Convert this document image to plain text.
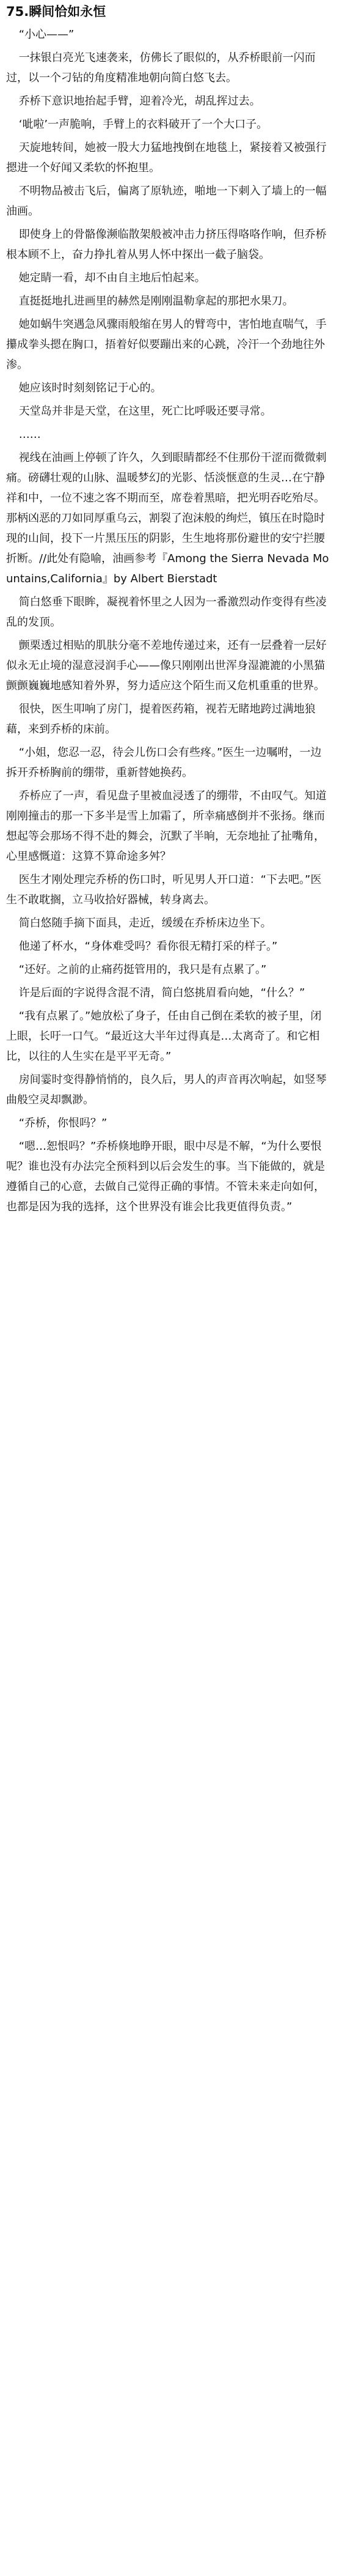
75.瞬间恰如永恒

“小心——”

一抹银白亮光飞速袭来，仿佛长了眼似的，从乔桥眼前一闪而过，以一个刁钻的角度精准地朝向简白悠飞去。

乔桥下意识地抬起手臂，迎着冷光，胡乱挥过去。

‘呲啦’一声脆响，手臂上的衣料破开了一个大口子。

天旋地转间，她被一股大力猛地拽倒在地毯上，紧接着又被强行摁进一个好闻又柔软的怀抱里。

不明物品被击飞后，偏离了原轨迹，啪地一下刺入了墙上的一幅油画。

即使身上的骨骼像濒临散架般被冲击力挤压得咯咯作响，但乔桥根本顾不上，奋力挣扎着从男人怀中探出一截子脑袋。

她定睛一看，却不由自主地后怕起来。

直挺挺地扎进画里的赫然是刚刚温勒拿起的那把水果刀。

她如蜗牛突遇急风骤雨般缩在男人的臂弯中，害怕地直喘气，手攥成拳头摁在胸口，捂着好似要蹦出来的心跳，冷汗一个劲地往外渗。

她应该时时刻刻铭记于心的。

天堂岛并非是天堂，在这里，死亡比呼吸还要寻常。

……

视线在油画上停顿了许久，久到眼睛都经不住那份干涩而微微刺痛。磅礴壮观的山脉、温暖梦幻的光影、恬淡惬意的生灵…在宁静祥和中，一位不速之客不期而至，席卷着黑暗，把光明吞吃殆尽。那柄凶恶的刀如同厚重乌云，割裂了泡沫般的绚烂，镇压在时隐时现的山间，投下一片黑压压的阴影，生生地将那份避世的安宁拦腰折断。//此处有隐喻，油画参考『Among the Sierra Nevada Mountains,California』by Albert Bierstadt

简白悠垂下眼眸，凝视着怀里之人因为一番激烈动作变得有些凌乱的发顶。

颤栗透过相贴的肌肤分毫不差地传递过来，还有一层叠着一层好似永无止境的湿意浸润手心——像只刚刚出世浑身湿漉漉的小黑猫颤颤巍巍地感知着外界，努力适应这个陌生而又危机重重的世界。

很快，医生叩响了房门，提着医药箱，视若无睹地跨过满地狼藉，来到乔桥的床前。

“小姐，您忍一忍，待会儿伤口会有些疼。”医生一边嘱咐，一边拆开乔桥胸前的绷带，重新替她换药。

乔桥应了一声，看见盘子里被血浸透了的绷带，不由叹气。知道刚刚撞击的那一下多半是雪上加霜了，所幸痛感倒并不张扬。继而想起等会那场不得不赴的舞会，沉默了半晌，无奈地扯了扯嘴角，心里感慨道：这算不算命途多舛？

医生才刚处理完乔桥的伤口时，听见男人开口道：“下去吧。”医生不敢耽搁，立马收拾好器械，转身离去。

简白悠随手摘下面具，走近，缓缓在乔桥床边坐下。

他递了杯水，“身体难受吗？看你很无精打采的样子。”

“还好。之前的止痛药挺管用的，我只是有点累了。”

许是后面的字说得含混不清，简白悠挑眉看向她，“什么？”

“我有点累了。”她放松了身子，任由自己倒在柔软的被子里，闭上眼，长吁一口气。“最近这大半年过得真是…太离奇了。和它相比，以往的人生实在是平平无奇。”

房间霎时变得静悄悄的，良久后，男人的声音再次响起，如竖琴曲般空灵却飘渺。

“乔桥，你恨吗？”

“嗯…恕恨吗？”乔桥倏地睁开眼，眼中尽是不解，“为什么要恨呢？谁也没有办法完全预料到以后会发生的事。当下能做的，就是遵循自己的心意，去做自己觉得正确的事情。不管未来走向如何，也都是因为我的选择，这个世界没有谁会比我更值得负责。”
